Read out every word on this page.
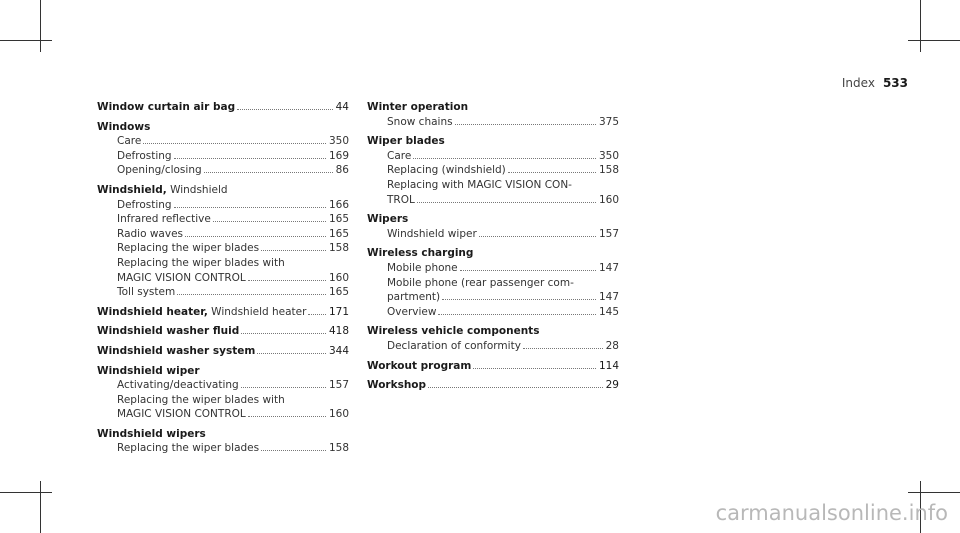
Index 533
Window curtain air bag	44
Windows
Care	350
Defrosting	169
Opening/closing	86
Windshield, Windshield
Defrosting	166
Infrared reflective	165
Radio waves	165
Replacing the wiper blades	158
Replacing the wiper blades with
MAGIC VISION CONTROL	160
Toll system	165
Windshield heater, Windshield heater 171
Windshield washer fluid	418
Windshield washer system	344
Windshield wiper
Activating/deactivating	157
Replacing the wiper blades with
MAGIC VISION CONTROL	160
Windshield wipers
Replacing the wiper blades	158
Winter operation
Snow chains	375
Wiper blades
Care	350
Replacing (windshield)	158
Replacing with MAGIC VISION CON-
TROL	160
Wipers
Windshield wiper	157
Wireless charging
Mobile phone	147
Mobile phone (rear passenger com-
partment)	147
Overview	145
Wireless vehicle components
Declaration of conformity	28
Workout program	114
Workshop	29
carmanualsonline.info
